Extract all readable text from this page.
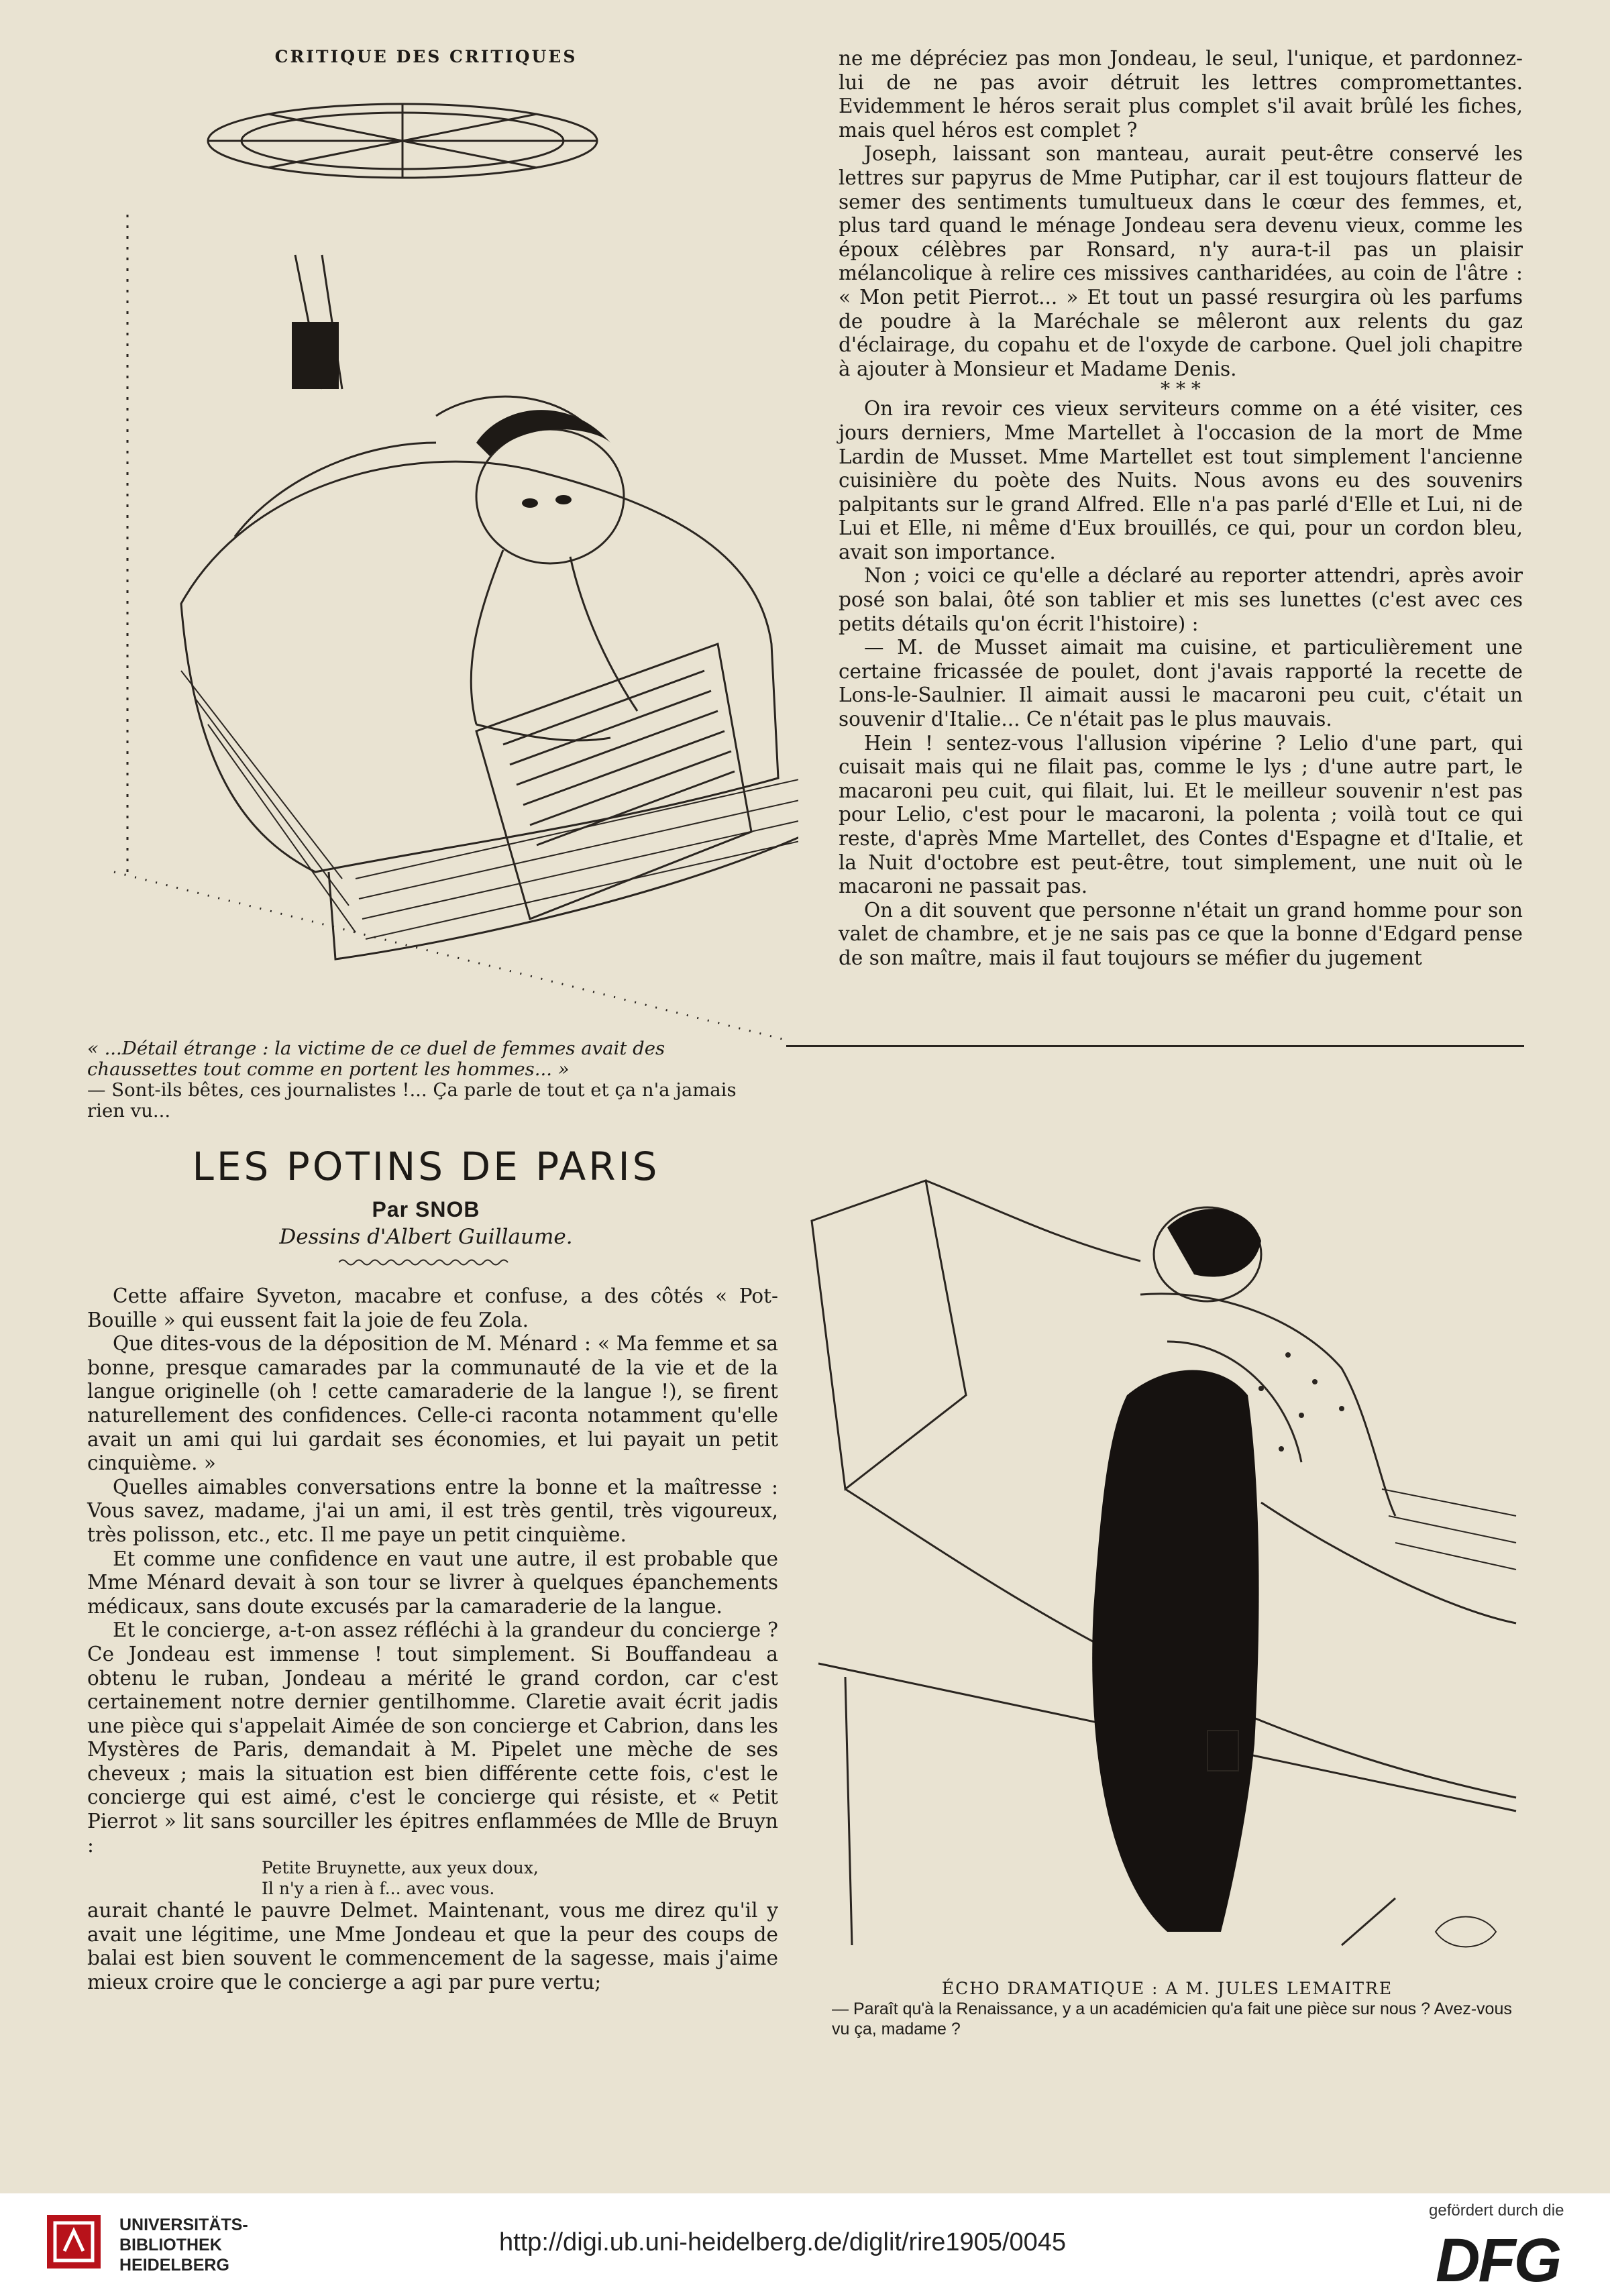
CRITIQUE DES CRITIQUES
« ...Détail étrange : la victime de ce duel de femmes avait des chaussettes tout comme en portent les hommes... »
— Sont-ils bêtes, ces journalistes !... Ça parle de tout et ça n'a jamais rien vu...
LES POTINS DE PARIS
Par SNOB
Dessins d'Albert Guillaume.

Cette affaire Syveton, macabre et confuse, a des côtés « Pot-Bouille » qui eussent fait la joie de feu Zola.

Que dites-vous de la déposition de M. Ménard : « Ma femme et sa bonne, presque camarades par la communauté de la vie et de la langue originelle (oh ! cette camaraderie de la langue !), se firent naturellement des confidences. Celle-ci raconta notamment qu'elle avait un ami qui lui gardait ses économies, et lui payait un petit cinquième. »

Quelles aimables conversations entre la bonne et la maîtresse : Vous savez, madame, j'ai un ami, il est très gentil, très vigoureux, très polisson, etc., etc. Il me paye un petit cinquième.

Et comme une confidence en vaut une autre, il est probable que Mme Ménard devait à son tour se livrer à quelques épanchements médicaux, sans doute excusés par la camaraderie de la langue.

Et le concierge, a-t-on assez réfléchi à la grandeur du concierge ? Ce Jondeau est immense ! tout simplement. Si Bouffandeau a obtenu le ruban, Jondeau a mérité le grand cordon, car c'est certainement notre dernier gentilhomme. Claretie avait écrit jadis une pièce qui s'appelait Aimée de son concierge et Cabrion, dans les Mystères de Paris, demandait à M. Pipelet une mèche de ses cheveux ; mais la situation est bien différente cette fois, c'est le concierge qui est aimé, c'est le concierge qui résiste, et « Petit Pierrot » lit sans sourciller les épitres enflammées de Mlle de Bruyn :

Petite Bruynette, aux yeux doux,

Il n'y a rien à f... avec vous.

aurait chanté le pauvre Delmet. Maintenant, vous me direz qu'il y avait une légitime, une Mme Jondeau et que la peur des coups de balai est bien souvent le commencement de la sagesse, mais j'aime mieux croire que le concierge a agi par pure vertu;

ne me dépréciez pas mon Jondeau, le seul, l'unique, et pardonnez-lui de ne pas avoir détruit les lettres compromettantes. Evidemment le héros serait plus complet s'il avait brûlé les fiches, mais quel héros est complet ?

Joseph, laissant son manteau, aurait peut-être conservé les lettres sur papyrus de Mme Putiphar, car il est toujours flatteur de semer des sentiments tumultueux dans le cœur des femmes, et, plus tard quand le ménage Jondeau sera devenu vieux, comme les époux célèbres par Ronsard, n'y aura-t-il pas un plaisir mélancolique à relire ces missives cantharidées, au coin de l'âtre : « Mon petit Pierrot... » Et tout un passé resurgira où les parfums de poudre à la Maréchale se mêleront aux relents du gaz d'éclairage, du copahu et de l'oxyde de carbone. Quel joli chapitre à ajouter à Monsieur et Madame Denis.

* * *

On ira revoir ces vieux serviteurs comme on a été visiter, ces jours derniers, Mme Martellet à l'occasion de la mort de Mme Lardin de Musset. Mme Martellet est tout simplement l'ancienne cuisinière du poète des Nuits. Nous avons eu des souvenirs palpitants sur le grand Alfred. Elle n'a pas parlé d'Elle et Lui, ni de Lui et Elle, ni même d'Eux brouillés, ce qui, pour un cordon bleu, avait son importance.

Non ; voici ce qu'elle a déclaré au reporter attendri, après avoir posé son balai, ôté son tablier et mis ses lunettes (c'est avec ces petits détails qu'on écrit l'histoire) :

— M. de Musset aimait ma cuisine, et particulièrement une certaine fricassée de poulet, dont j'avais rapporté la recette de Lons-le-Saulnier. Il aimait aussi le macaroni peu cuit, c'était un souvenir d'Italie... Ce n'était pas le plus mauvais.

Hein ! sentez-vous l'allusion vipérine ? Lelio d'une part, qui cuisait mais qui ne filait pas, comme le lys ; d'une autre part, le macaroni peu cuit, qui filait, lui. Et le meilleur souvenir n'est pas pour Lelio, c'est pour le macaroni, la polenta ; voilà tout ce qui reste, d'après Mme Martellet, des Contes d'Espagne et d'Italie, et la Nuit d'octobre est peut-être, tout simplement, une nuit où le macaroni ne passait pas.

On a dit souvent que personne n'était un grand homme pour son valet de chambre, et je ne sais pas ce que la bonne d'Edgard pense de son maître, mais il faut toujours se méfier du jugement

ÉCHO DRAMATIQUE : A M. JULES LEMAITRE
— Paraît qu'à la Renaissance, y a un académicien qu'a fait une pièce sur nous ? Avez-vous vu ça, madame ?
UNIVERSITÄTS-
BIBLIOTHEK
HEIDELBERG
http://digi.ub.uni-heidelberg.de/diglit/rire1905/0045
gefördert durch die
DFG
